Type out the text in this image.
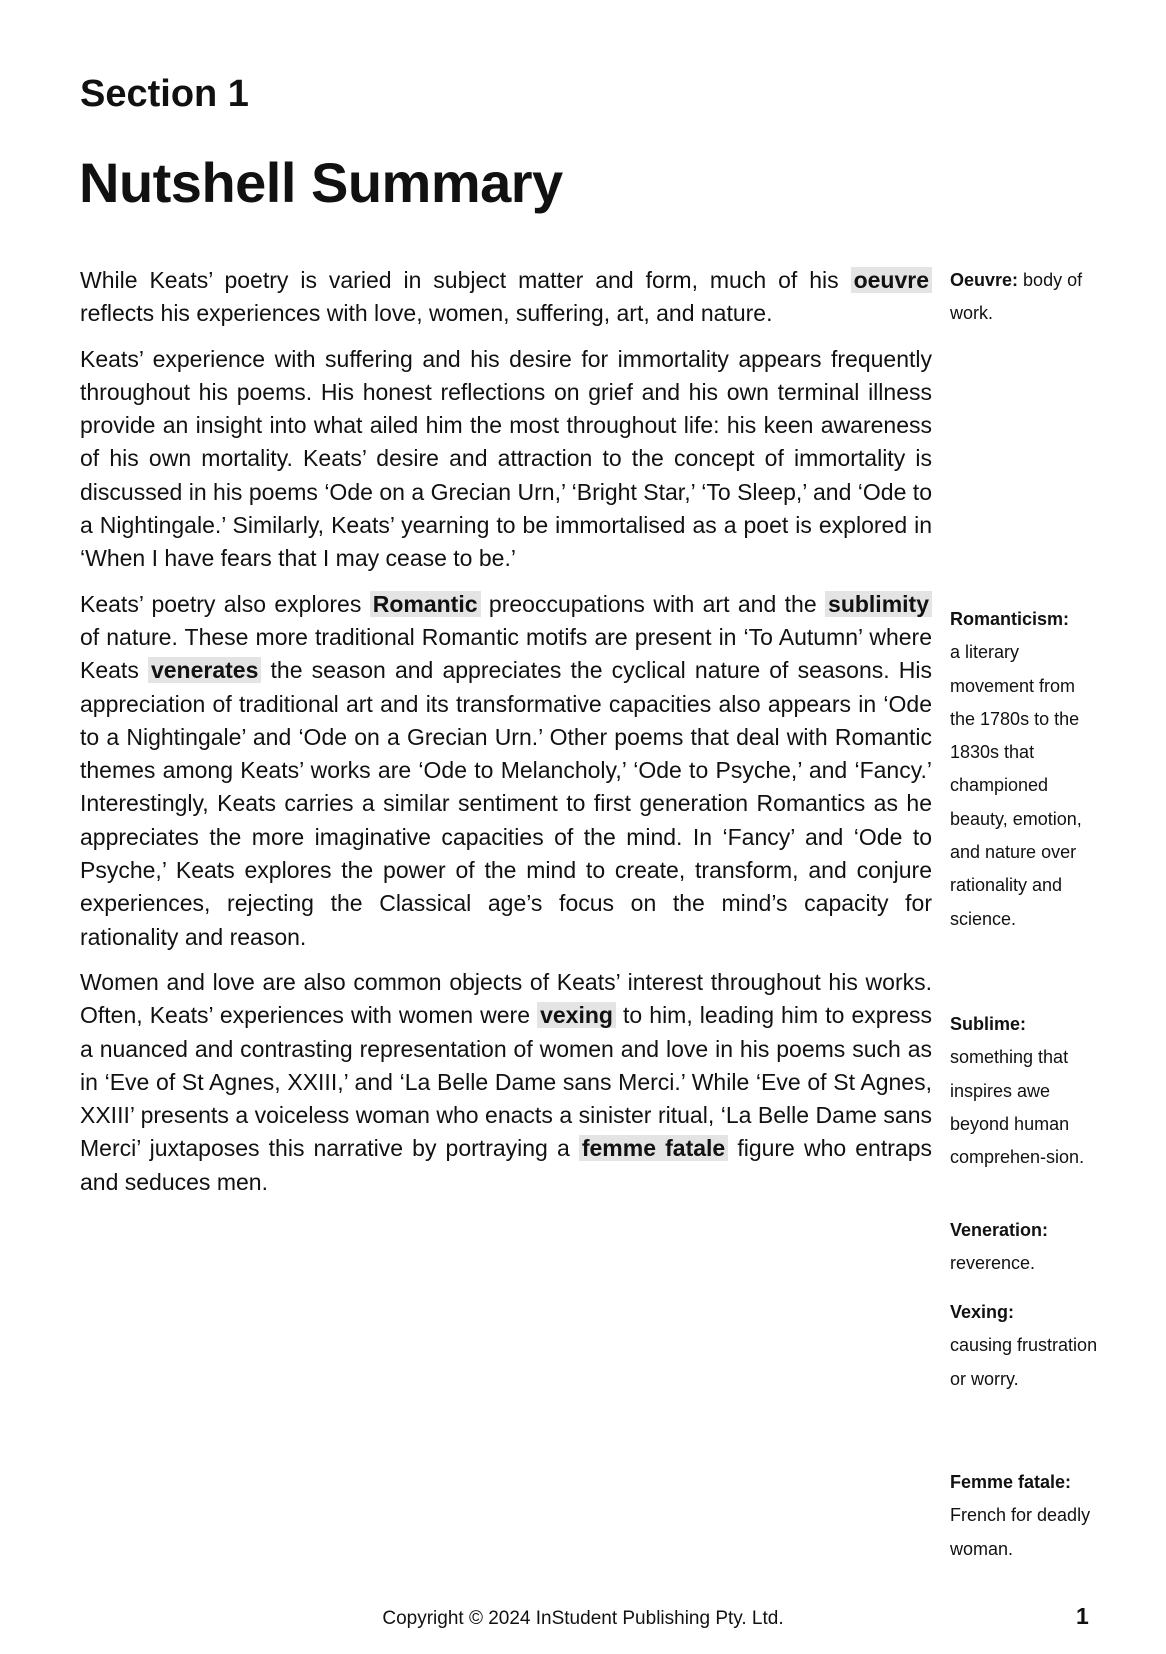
Section 1
Nutshell Summary

While Keats’ poetry is varied in subject matter and form, much of his oeuvre reflects his experiences with love, women, suffering, art, and nature.

Keats’ experience with suffering and his desire for immortality appears frequently throughout his poems. His honest reflections on grief and his own terminal illness provide an insight into what ailed him the most throughout life: his keen awareness of his own mortality. Keats’ desire and attraction to the concept of immortality is discussed in his poems ‘Ode on a Grecian Urn,’ ‘Bright Star,’ ‘To Sleep,’ and ‘Ode to a Nightingale.’ Similarly, Keats’ yearning to be immortalised as a poet is explored in ‘When I have fears that I may cease to be.’

Keats’ poetry also explores Romantic preoccupations with art and the sublimity of nature. These more traditional Romantic motifs are present in ‘To Autumn’ where Keats venerates the season and appreciates the cyclical nature of seasons. His appreciation of traditional art and its transformative capacities also appears in ‘Ode to a Nightingale’ and ‘Ode on a Grecian Urn.’ Other poems that deal with Romantic themes among Keats’ works are ‘Ode to Melancholy,’ ‘Ode to Psyche,’ and ‘Fancy.’ Interestingly, Keats carries a similar sentiment to first generation Romantics as he appreciates the more imaginative capacities of the mind. In ‘Fancy’ and ‘Ode to Psyche,’ Keats explores the power of the mind to create, transform, and conjure experiences, rejecting the Classical age’s focus on the mind’s capacity for rationality and reason.

Women and love are also common objects of Keats’ interest throughout his works. Often, Keats’ experiences with women were vexing to him, leading him to express a nuanced and contrasting representation of women and love in his poems such as in ‘Eve of St Agnes, XXIII,’ and ‘La Belle Dame sans Merci.’ While ‘Eve of St Agnes, XXIII’ presents a voiceless woman who enacts a sinister ritual, ‘La Belle Dame sans Merci’ juxtaposes this narrative by portraying a femme fatale figure who entraps and seduces men.

Oeuvre: body of work.

Romanticism:
a literary movement from the 1780s to the 1830s that championed beauty, emotion, and nature over rationality and science.

Sublime:
something that inspires awe beyond human comprehen-sion.

Veneration:
reverence.

Vexing:
causing frustration or worry.

Femme fatale:
French for deadly woman.

Copyright © 2024 InStudent Publishing Pty. Ltd.	1
